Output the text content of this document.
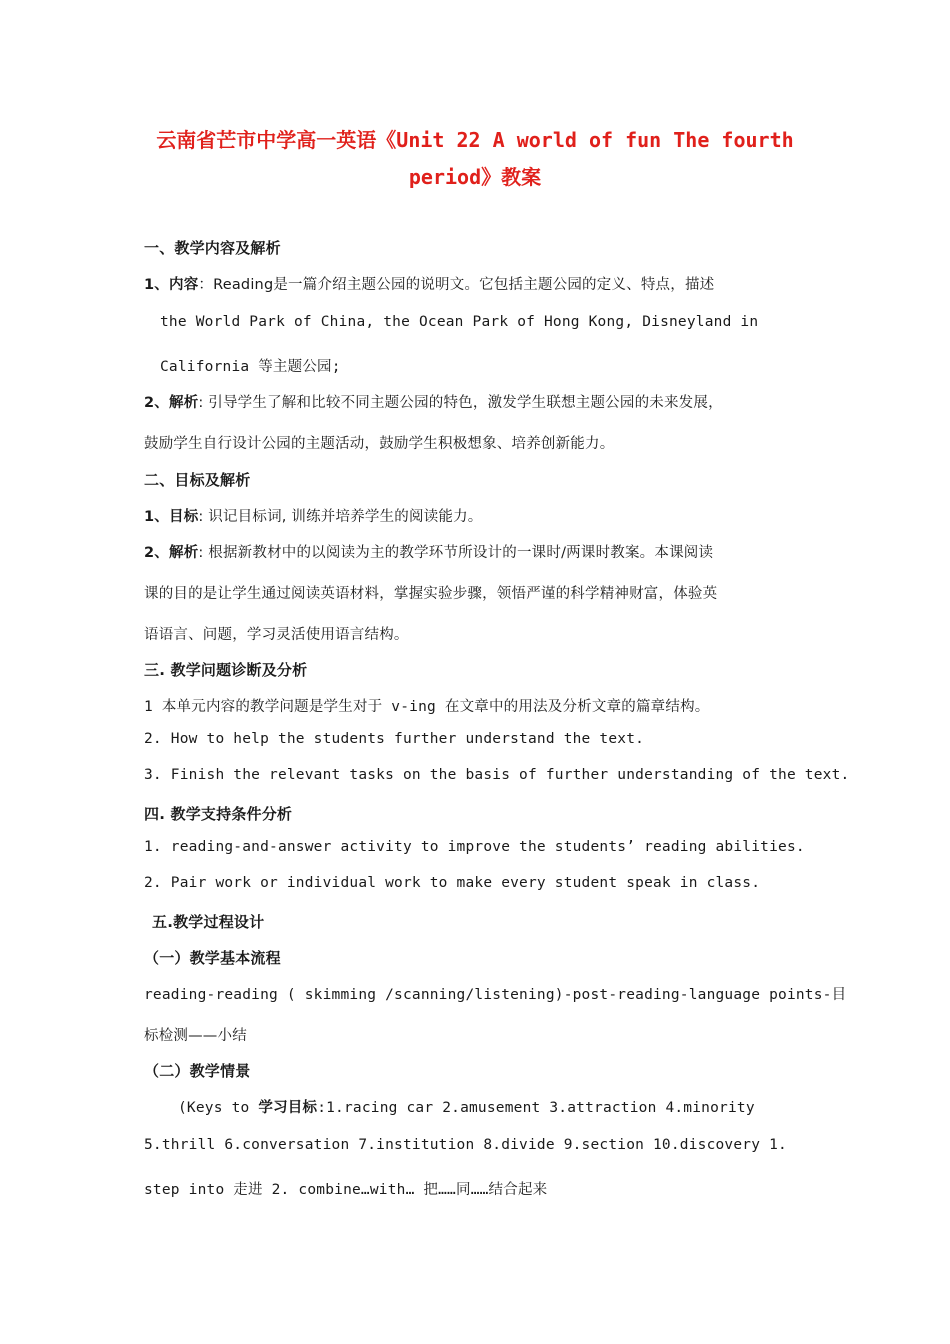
云南省芒市中学高一英语《Unit 22 A world of fun The fourth
period》教案
一、教学内容及解析
1、内容：Reading是一篇介绍主题公园的说明文。它包括主题公园的定义、特点，描述
the World Park of China, the Ocean Park of Hong Kong, Disneyland in
California 等主题公园;
2、解析: 引导学生了解和比较不同主题公园的特色，激发学生联想主题公园的未来发展，
鼓励学生自行设计公园的主题活动，鼓励学生积极想象、培养创新能力。
二、目标及解析
1、目标: 识记目标词, 训练并培养学生的阅读能力。
2、解析: 根据新教材中的以阅读为主的教学环节所设计的一课时/两课时教案。本课阅读
课的目的是让学生通过阅读英语材料，掌握实验步骤，领悟严谨的科学精神财富，体验英
语语言、问题，学习灵活使用语言结构。
三. 教学问题诊断及分析
1 本单元内容的教学问题是学生对于 v-ing 在文章中的用法及分析文章的篇章结构。
2. How to help the students further understand the text.
3. Finish the relevant tasks on the basis of further understanding of the text.
四. 教学支持条件分析
1. reading-and-answer activity to improve the students’ reading abilities.
2. Pair work or individual work to make every student speak in class.
五.教学过程设计
（一）教学基本流程
reading-reading ( skimming /scanning/listening)-post-reading-language points-目
标检测——小结
（二）教学情景
(Keys to 学习目标:1.racing car 2.amusement 3.attraction 4.minority
5.thrill 6.conversation 7.institution 8.divide 9.section 10.discovery 1.
step into 走进 2. combine…with… 把……同……结合起来
